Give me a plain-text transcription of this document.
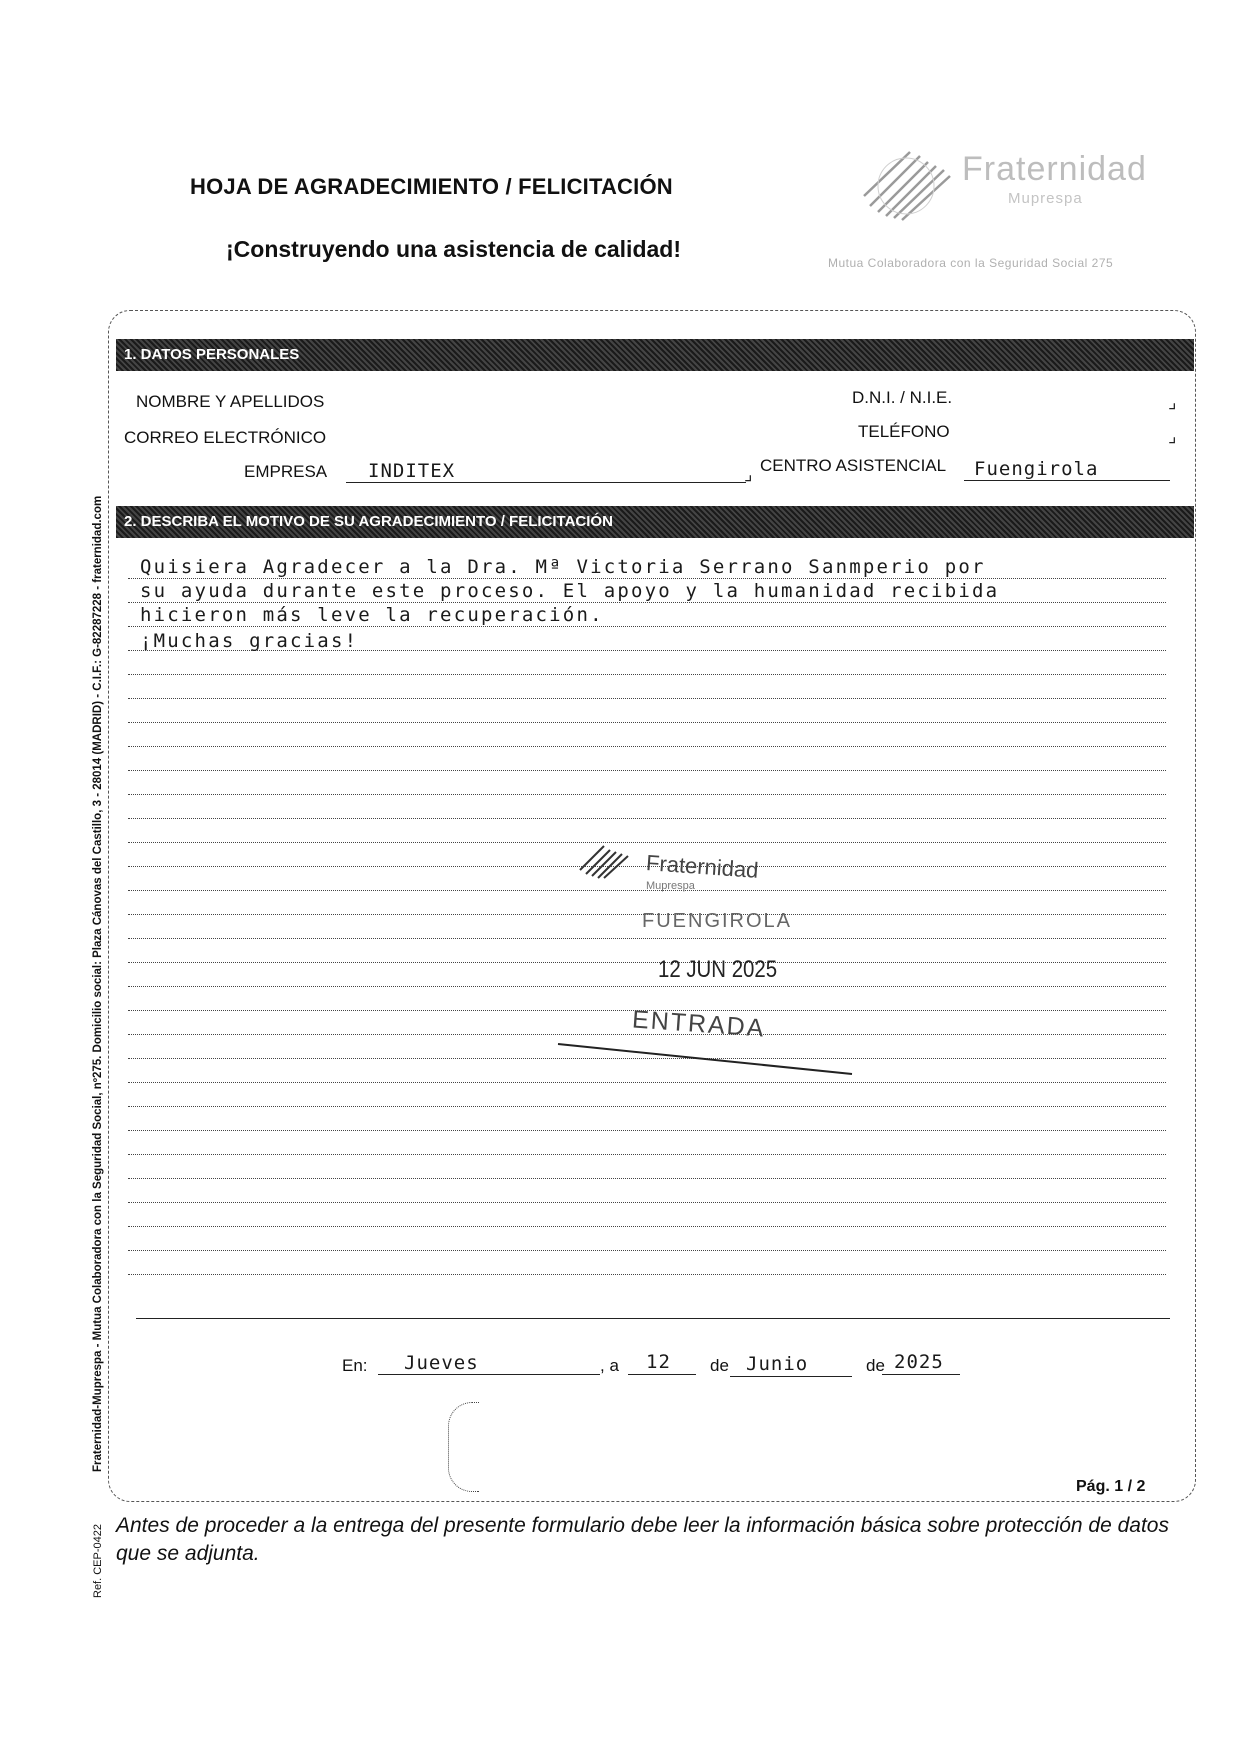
HOJA DE AGRADECIMIENTO / FELICITACIÓN
¡Construyendo una asistencia de calidad!
Fraternidad
Muprespa
Mutua Colaboradora con la Seguridad Social 275
Fraternidad-Muprespa - Mutua Colaboradora con la Seguridad Social, nº275. Domicilio social: Plaza Cánovas del Castillo, 3 - 28014 (MADRID) - C.I.F.: G-82287228 - fraternidad.com
Ref. CEP-0422
1. DATOS PERSONALES
NOMBRE Y APELLIDOS
CORREO ELECTRÓNICO
EMPRESA	INDITEX	⌟
D.N.I. / N.I.E.	⌟
TELÉFONO	⌟
CENTRO ASISTENCIAL	Fuengirola
2. DESCRIBA EL MOTIVO DE SU AGRADECIMIENTO / FELICITACIÓN
Quisiera Agradecer a la Dra. Mª Victoria Serrano Sanmperio por
su ayuda durante este proceso. El apoyo y la humanidad recibida
hicieron más leve la recuperación.
¡Muchas gracias!
Fraternidad
Muprespa
FUENGIROLA
12 JUN 2025
ENTRADA
En:	Jueves	, a	12	de Junio	de 2025
Pág. 1 / 2
Antes de proceder a la entrega del presente formulario debe leer la información básica sobre protección de datos que se adjunta.
